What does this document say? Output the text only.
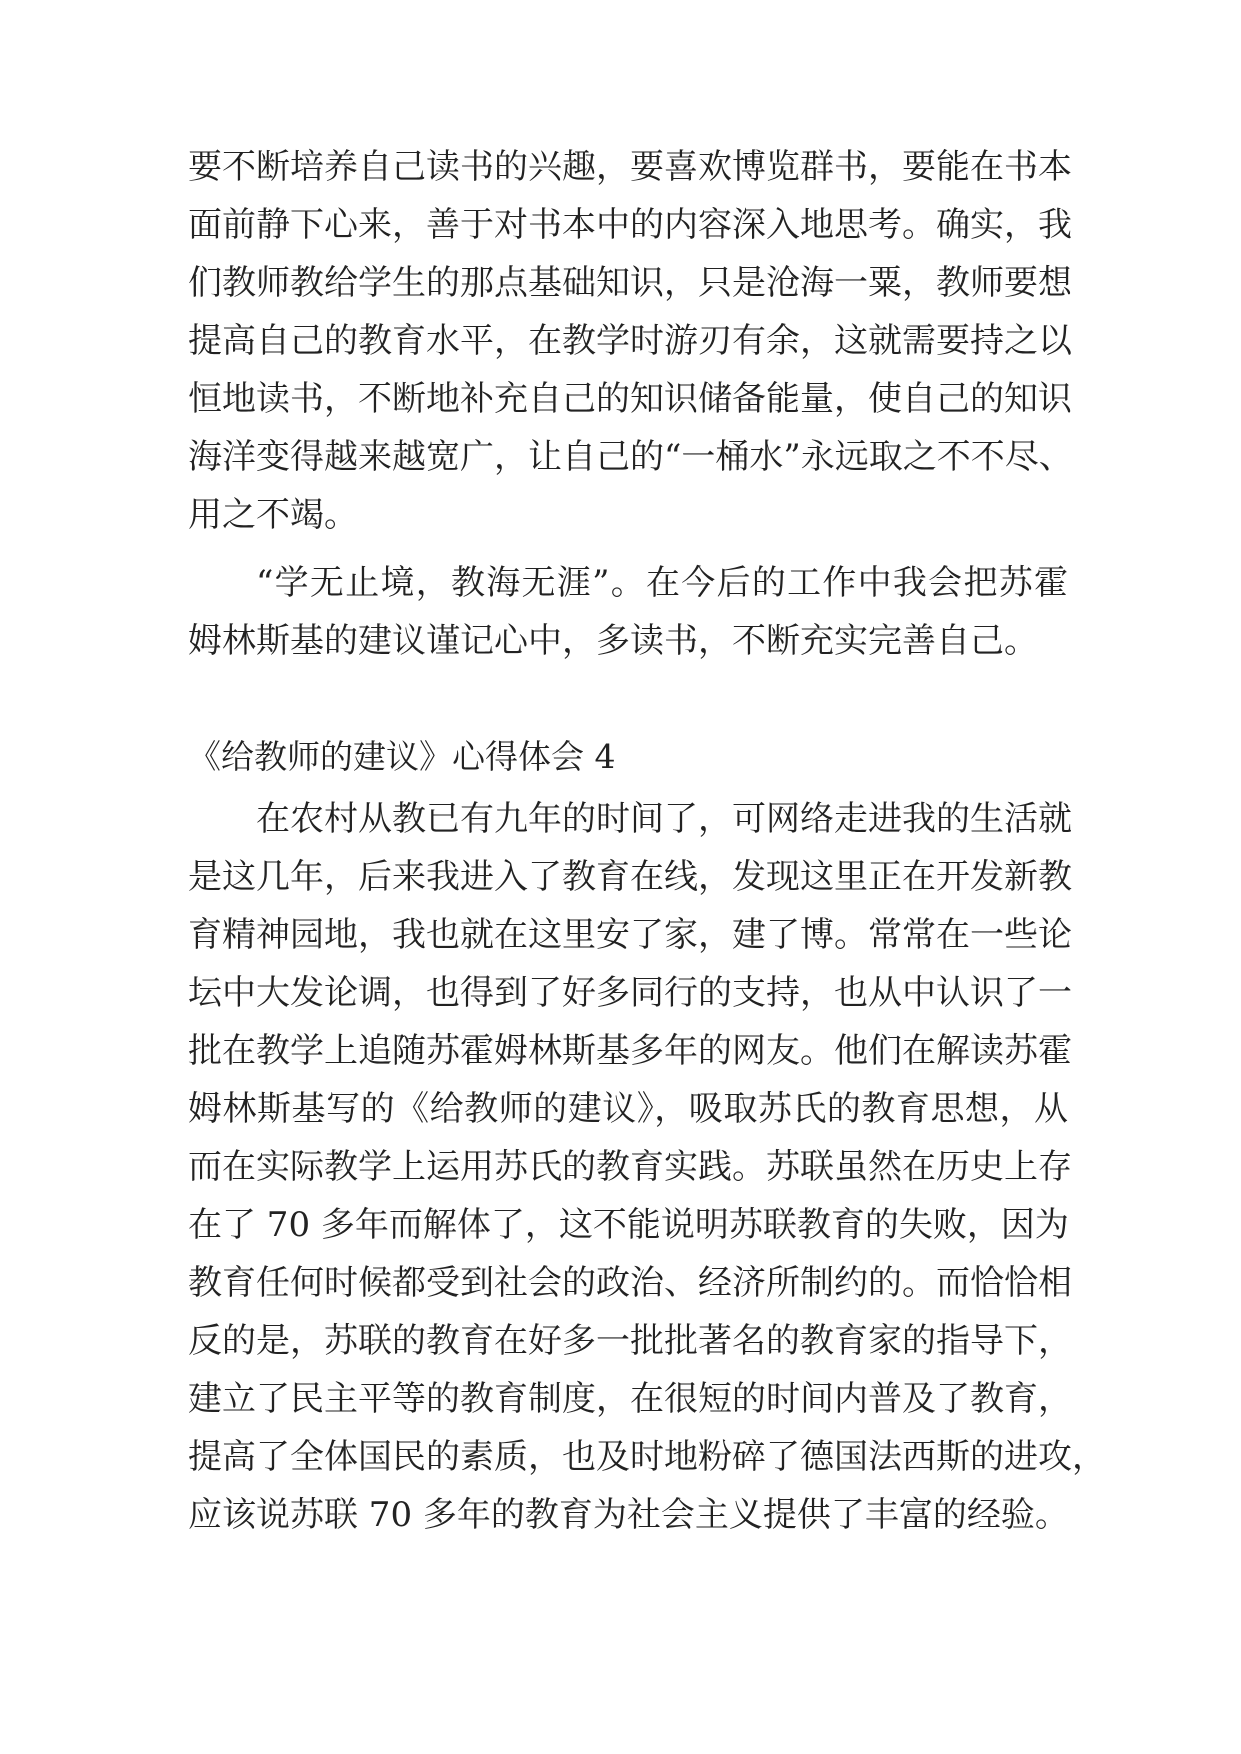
要不断培养自己读书的兴趣，要喜欢博览群书，要能在书本
面前静下心来，善于对书本中的内容深入地思考。确实，我
们教师教给学生的那点基础知识，只是沧海一粟，教师要想
提高自己的教育水平，在教学时游刃有余，这就需要持之以
恒地读书，不断地补充自己的知识储备能量，使自己的知识
海洋变得越来越宽广，让自己的“一桶水”永远取之不不尽、
用之不竭。
“学无止境，教海无涯”。在今后的工作中我会把苏霍
姆林斯基的建议谨记心中，多读书，不断充实完善自己。
《给教师的建议》心得体会 4
在农村从教已有九年的时间了，可网络走进我的生活就
是这几年，后来我进入了教育在线，发现这里正在开发新教
育精神园地，我也就在这里安了家，建了博。常常在一些论
坛中大发论调，也得到了好多同行的支持，也从中认识了一
批在教学上追随苏霍姆林斯基多年的网友。他们在解读苏霍
姆林斯基写的《给教师的建议》，吸取苏氏的教育思想，从
而在实际教学上运用苏氏的教育实践。苏联虽然在历史上存
在了 70 多年而解体了，这不能说明苏联教育的失败，因为
教育任何时候都受到社会的政治、经济所制约的。而恰恰相
反的是，苏联的教育在好多一批批著名的教育家的指导下，
建立了民主平等的教育制度，在很短的时间内普及了教育，
提高了全体国民的素质，也及时地粉碎了德国法西斯的进攻，
应该说苏联 70 多年的教育为社会主义提供了丰富的经验。
